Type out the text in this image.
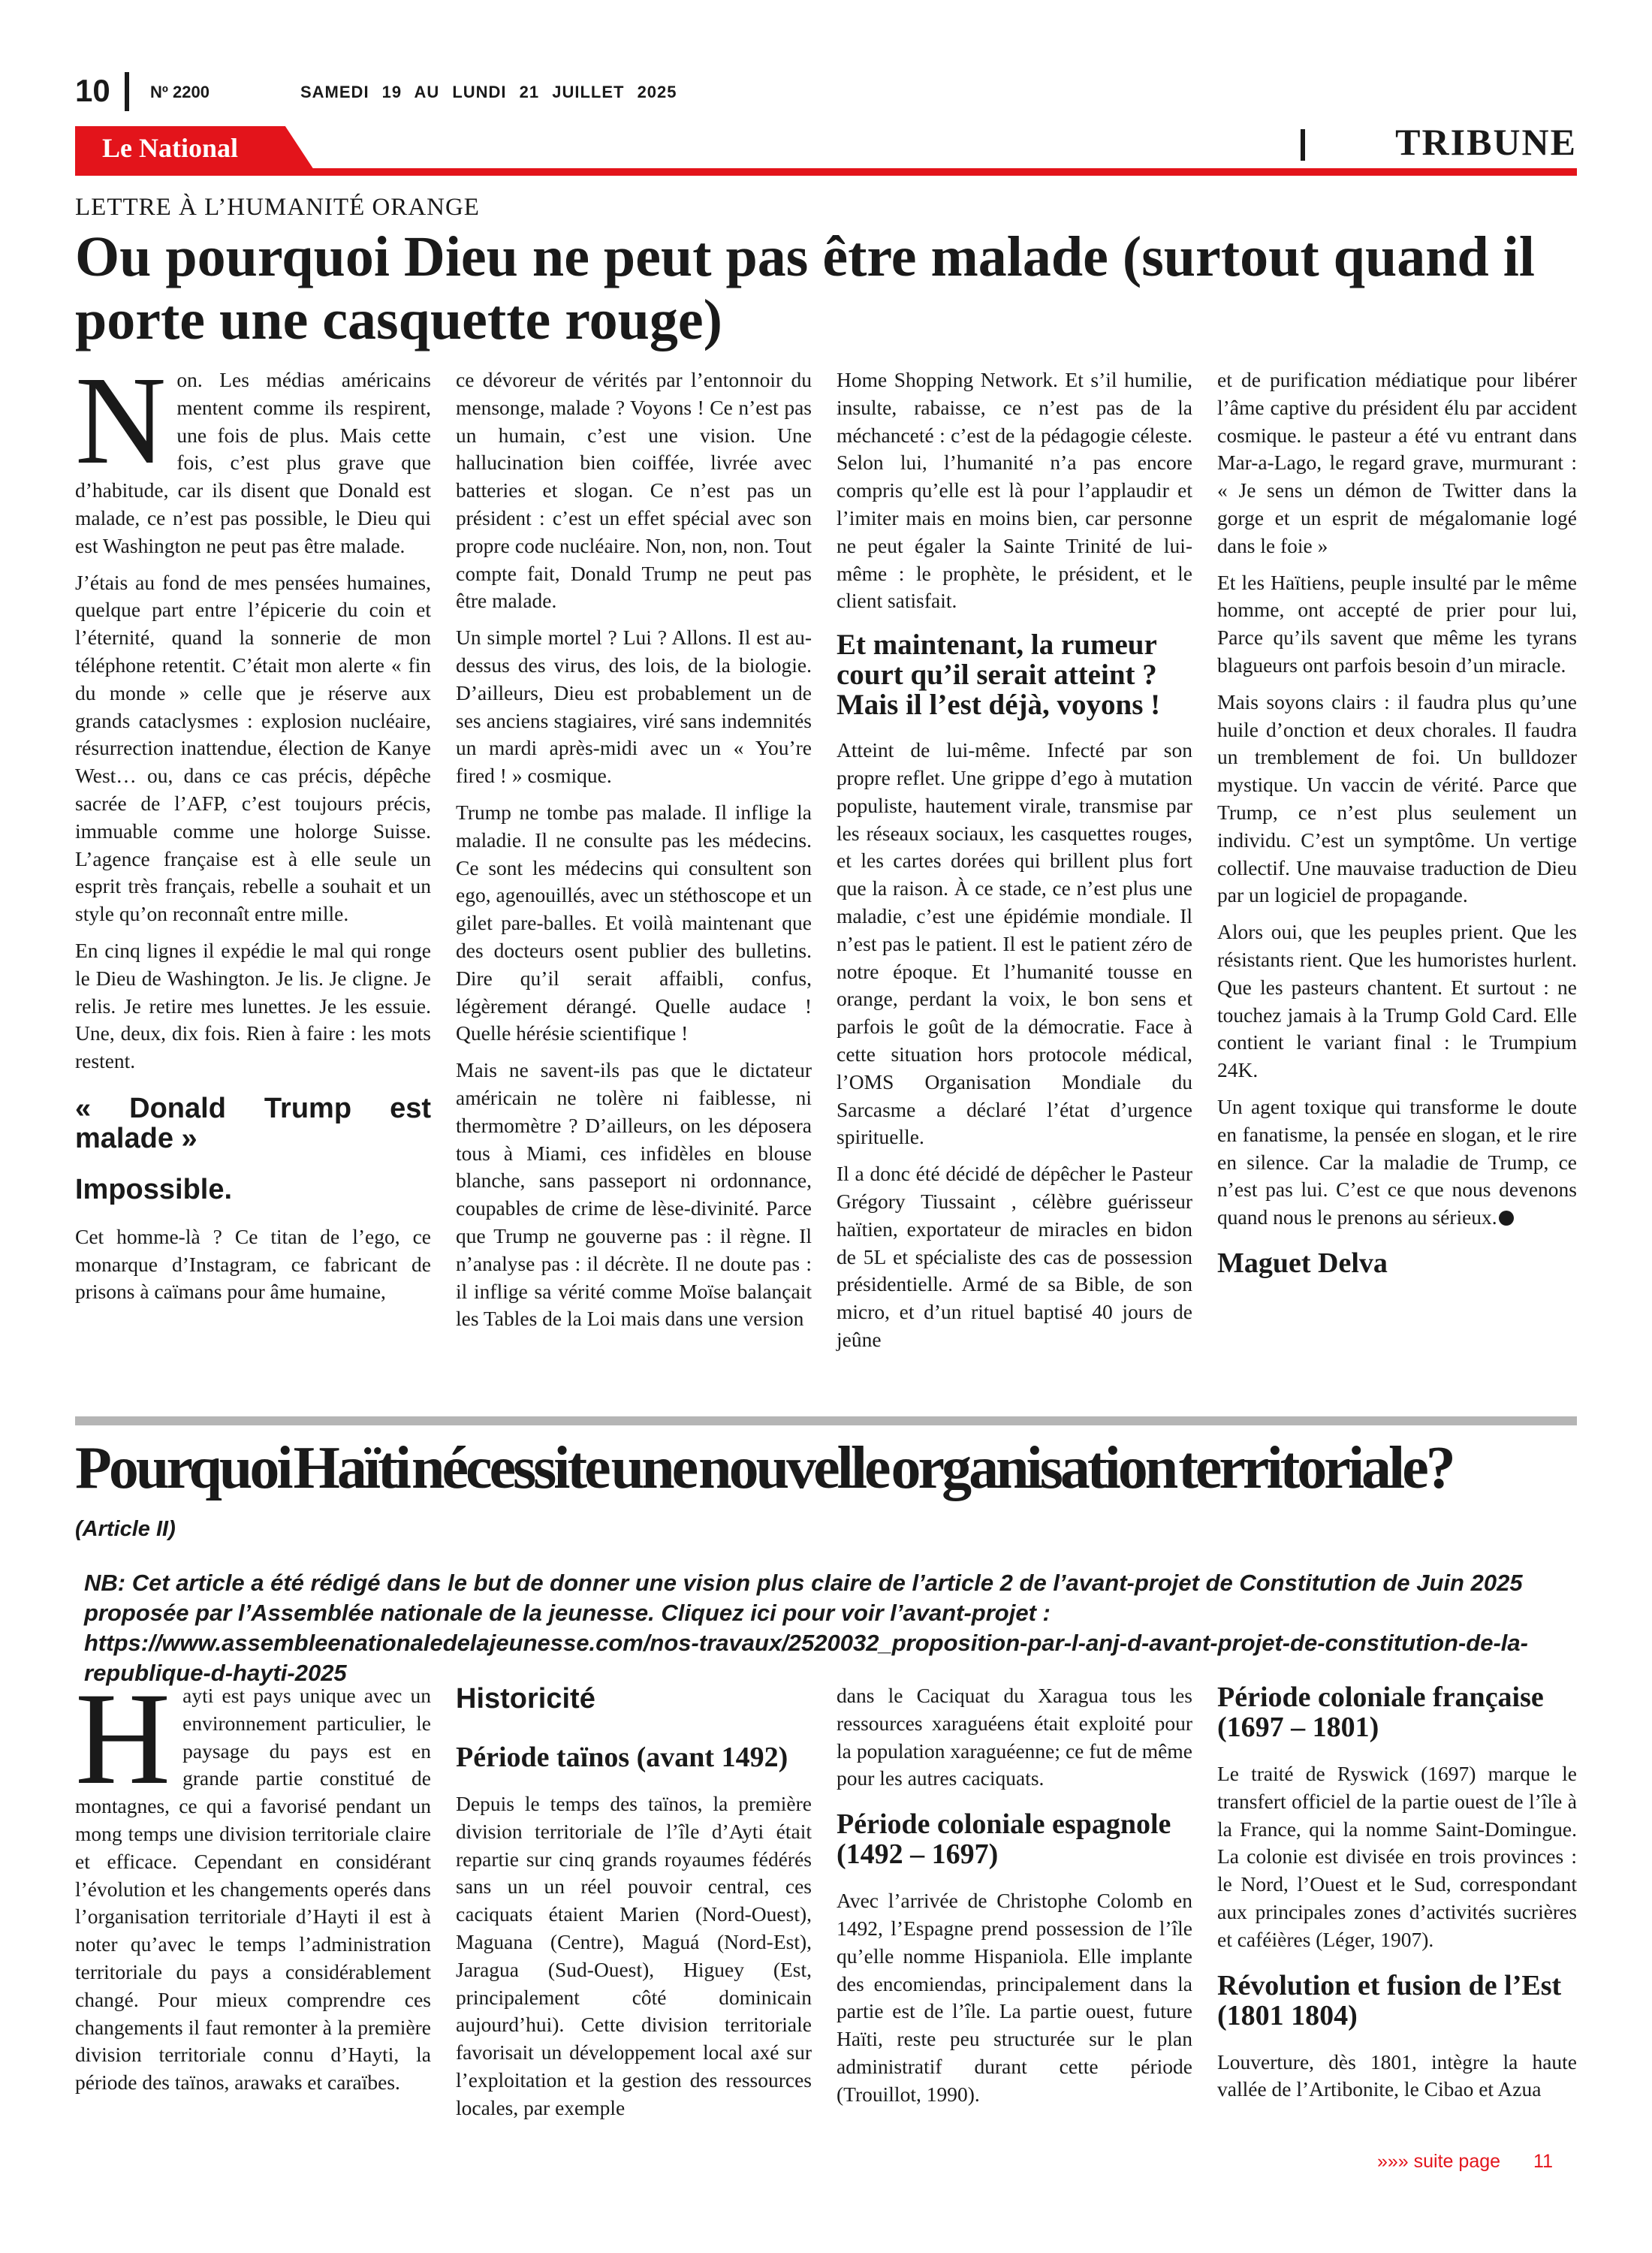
10 Nº 2200	SAMEDI 19 AU LUNDI 21 JUILLET 2025
Le National	TRIBUNE
LETTRE À L’HUMANITÉ ORANGE
Ou pourquoi Dieu ne peut pas être malade (surtout quand il porte une casquette rouge)

Non. Les médias américains mentent comme ils respirent, une fois de plus. Mais cette fois, c’est plus grave que d’habitude, car ils disent que Donald est malade, ce n’est pas possible, le Dieu qui est Washington ne peut pas être malade.

J’étais au fond de mes pensées humaines, quelque part entre l’épicerie du coin et l’éternité, quand la sonnerie de mon téléphone retentit. C’était mon alerte « fin du monde » celle que je réserve aux grands cataclysmes : explosion nucléaire, résurrection inattendue, élection de Kanye West… ou, dans ce cas précis, dépêche sacrée de l’AFP, c’est toujours précis, immuable comme une holorge Suisse. L’agence française est à elle seule un esprit très français, rebelle a souhait et un style qu’on reconnaît entre mille.

En cinq lignes il expédie le mal qui ronge le Dieu de Washington. Je lis. Je cligne. Je relis. Je retire mes lunettes. Je les essuie. Une, deux, dix fois. Rien à faire : les mots restent.

« Donald Trump est malade »
Impossible.

Cet homme-là ? Ce titan de l’ego, ce monarque d’Instagram, ce fabricant de prisons à caïmans pour âme humaine,

ce dévoreur de vérités par l’entonnoir du mensonge, malade ? Voyons ! Ce n’est pas un humain, c’est une vision. Une hallucination bien coiffée, livrée avec batteries et slogan. Ce n’est pas un président : c’est un effet spécial avec son propre code nucléaire. Non, non, non. Tout compte fait, Donald Trump ne peut pas être malade.

Un simple mortel ? Lui ? Allons. Il est au-dessus des virus, des lois, de la biologie. D’ailleurs, Dieu est probablement un de ses anciens stagiaires, viré sans indemnités un mardi après-midi avec un « You’re fired ! » cosmique.

Trump ne tombe pas malade. Il inflige la maladie. Il ne consulte pas les médecins. Ce sont les médecins qui consultent son ego, agenouillés, avec un stéthoscope et un gilet pare-balles. Et voilà maintenant que des docteurs osent publier des bulletins. Dire qu’il serait affaibli, confus, légèrement dérangé. Quelle audace ! Quelle hérésie scientifique !

Mais ne savent-ils pas que le dictateur américain ne tolère ni faiblesse, ni thermomètre ? D’ailleurs, on les déposera tous à Miami, ces infidèles en blouse blanche, sans passeport ni ordonnance, coupables de crime de lèse-divinité. Parce que Trump ne gouverne pas : il règne. Il n’analyse pas : il décrète. Il ne doute pas : il inflige sa vérité comme Moïse balançait les Tables de la Loi mais dans une version

Home Shopping Network. Et s’il humilie, insulte, rabaisse, ce n’est pas de la méchanceté : c’est de la pédagogie céleste. Selon lui, l’humanité n’a pas encore compris qu’elle est là pour l’applaudir et l’imiter mais en moins bien, car personne ne peut égaler la Sainte Trinité de lui-même : le prophète, le président, et le client satisfait.

Et maintenant, la rumeur court qu’il serait atteint ? Mais il l’est déjà, voyons !

Atteint de lui-même. Infecté par son propre reflet. Une grippe d’ego à mutation populiste, hautement virale, transmise par les réseaux sociaux, les casquettes rouges, et les cartes dorées qui brillent plus fort que la raison. À ce stade, ce n’est plus une maladie, c’est une épidémie mondiale. Il n’est pas le patient. Il est le patient zéro de notre époque. Et l’humanité tousse en orange, perdant la voix, le bon sens et parfois le goût de la démocratie. Face à cette situation hors protocole médical, l’OMS Organisation Mondiale du Sarcasme a déclaré l’état d’urgence spirituelle.

Il a donc été décidé de dépêcher le Pasteur Grégory Tiussaint , célèbre guérisseur haïtien, exportateur de miracles en bidon de 5L et spécialiste des cas de possession présidentielle. Armé de sa Bible, de son micro, et d’un rituel baptisé 40 jours de jeûne

et de purification médiatique pour libérer l’âme captive du président élu par accident cosmique. le pasteur a été vu entrant dans Mar-a-Lago, le regard grave, murmurant : « Je sens un démon de Twitter dans la gorge et un esprit de mégalomanie logé dans le foie »

Et les Haïtiens, peuple insulté par le même homme, ont accepté de prier pour lui, Parce qu’ils savent que même les tyrans blagueurs ont parfois besoin d’un miracle.

Mais soyons clairs : il faudra plus qu’une huile d’onction et deux chorales. Il faudra un tremblement de foi. Un bulldozer mystique. Un vaccin de vérité. Parce que Trump, ce n’est plus seulement un individu. C’est un symptôme. Un vertige collectif. Une mauvaise traduction de Dieu par un logiciel de propagande.

Alors oui, que les peuples prient. Que les résistants rient. Que les humoristes hurlent. Que les pasteurs chantent. Et surtout : ne touchez jamais à la Trump Gold Card. Elle contient le variant final : le Trumpium 24K.

Un agent toxique qui transforme le doute en fanatisme, la pensée en slogan, et le rire en silence. Car la maladie de Trump, ce n’est pas lui. C’est ce que nous devenons quand nous le prenons au sérieux.

Maguet Delva
Pourquoi Haïti nécessite une nouvelle organisation territoriale?
(Article II)
NB: Cet article a été rédigé dans le but de donner une vision plus claire de l’article 2 de l’avant-projet de Constitution de Juin 2025 proposée par l’Assemblée nationale de la jeunesse. Cliquez ici pour voir l’avant-projet : https://www.assembleenationaledelajeunesse.com/nos-travaux/2520032_proposition-par-l-anj-d-avant-projet-de-constitution-de-la-republique-d-hayti-2025

Hayti est pays unique avec un environnement particulier, le paysage du pays est en grande partie constitué de montagnes, ce qui a favorisé pendant un mong temps une division territoriale claire et efficace. Cependant en considérant l’évolution et les changements operés dans l’organisation territoriale d’Hayti il est à noter qu’avec le temps l’administration territoriale du pays a considérablement changé. Pour mieux comprendre ces changements il faut remonter à la première division territoriale connu d’Hayti, la période des taïnos, arawaks et caraïbes.

Historicité
Période taïnos (avant 1492)

Depuis le temps des taïnos, la première division territoriale de l’île d’Ayti était repartie sur cinq grands royaumes fédérés sans un un réel pouvoir central, ces caciquats étaient Marien (Nord-Ouest), Maguana (Centre), Maguá (Nord-Est), Jaragua (Sud-Ouest), Higuey (Est, principalement côté dominicain aujourd’hui). Cette division territoriale favorisait un développement local axé sur l’exploitation et la gestion des ressources locales, par exemple

dans le Caciquat du Xaragua tous les ressources xaraguéens était exploité pour la population xaraguéenne; ce fut de même pour les autres caciquats.

Période coloniale espagnole (1492 – 1697)

Avec l’arrivée de Christophe Colomb en 1492, l’Espagne prend possession de l’île qu’elle nomme Hispaniola. Elle implante des encomiendas, principalement dans la partie est de l’île. La partie ouest, future Haïti, reste peu structurée sur le plan administratif durant cette période (Trouillot, 1990).

Période coloniale française (1697 – 1801)

Le traité de Ryswick (1697) marque le transfert officiel de la partie ouest de l’île à la France, qui la nomme Saint-Domingue. La colonie est divisée en trois provinces : le Nord, l’Ouest et le Sud, correspondant aux principales zones d’activités sucrières et caféières (Léger, 1907).

Révolution et fusion de l’Est (1801 1804)

Louverture, dès 1801, intègre la haute vallée de l’Artibonite, le Cibao et Azua

»»» suite page 11
